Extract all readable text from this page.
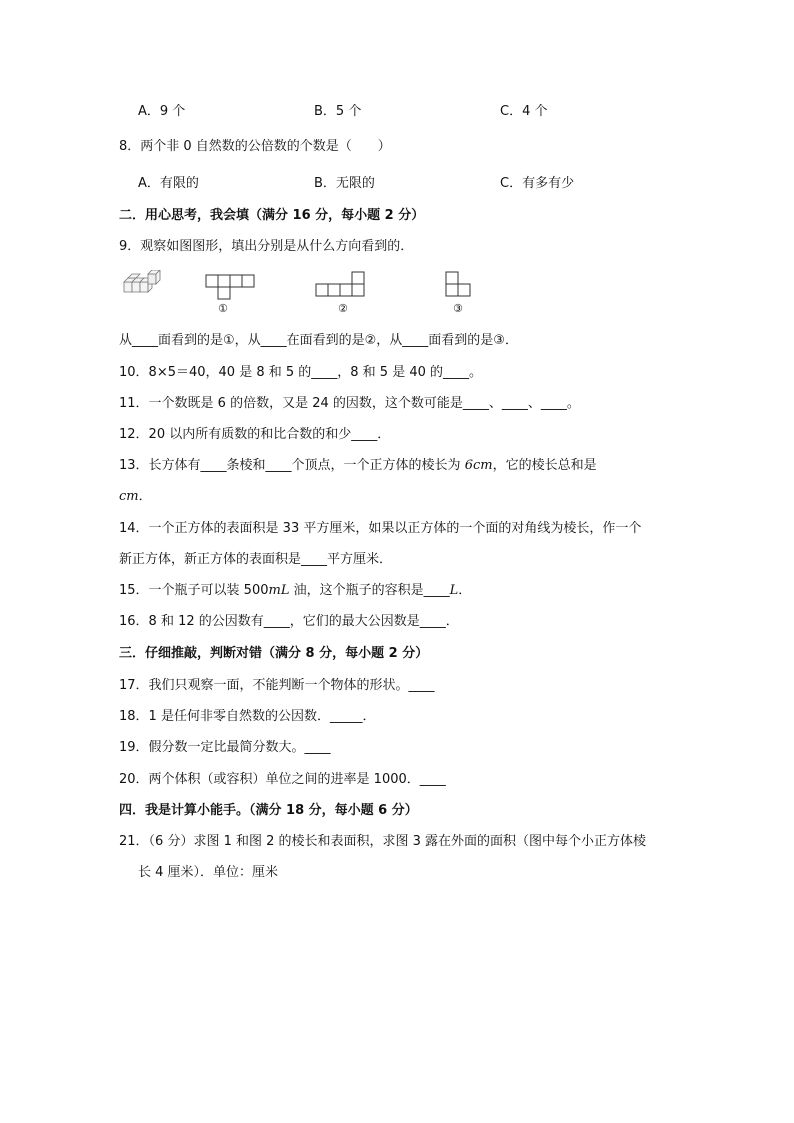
A．9 个	B．5 个	C．4 个
8．两个非 0 自然数的公倍数的个数是（　　）
A．有限的	B．无限的	C．有多有少
二．用心思考，我会填（满分 16 分，每小题 2 分）
9．观察如图图形，填出分别是从什么方向看到的．
①	②	③
从____面看到的是①，从____在面看到的是②，从____面看到的是③．
10．8×5＝40，40 是 8 和 5 的____，8 和 5 是 40 的____。
11．一个数既是 6 的倍数，又是 24 的因数，这个数可能是____、____、____。
12．20 以内所有质数的和比合数的和少____．
13．长方体有____条棱和____个顶点，一个正方体的棱长为 6cm，它的棱长总和是
cm．
14．一个正方体的表面积是 33 平方厘米，如果以正方体的一个面的对角线为棱长，作一个
新正方体，新正方体的表面积是____平方厘米．
15．一个瓶子可以装 500mL 油，这个瓶子的容积是____L．
16．8 和 12 的公因数有____，它们的最大公因数是____．
三．仔细推敲，判断对错（满分 8 分，每小题 2 分）
17．我们只观察一面，不能判断一个物体的形状。____
18．1 是任何非零自然数的公因数．_____．
19．假分数一定比最简分数大。____
20．两个体积（或容积）单位之间的进率是 1000．____
四．我是计算小能手。（满分 18 分，每小题 6 分）
21．（6 分）求图 1 和图 2 的棱长和表面积，求图 3 露在外面的面积（图中每个小正方体棱
长 4 厘米）．单位：厘米
